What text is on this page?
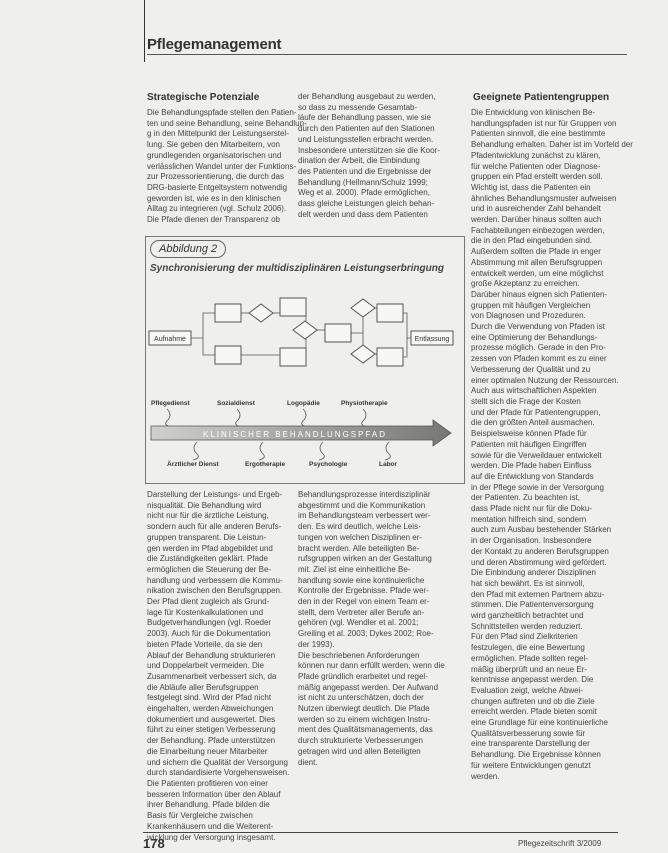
Pflegemanagement
Strategische Potenziale
Die Behandlungspfade stellen den Patien-
ten und seine Behandlung, seine Behandlun-
g in den Mittelpunkt der Leistungserstel-
lung. Sie geben den Mitarbeitern, von
grundlegenden organisatorischen und
verlässlichen Wandel unter der Funktions-
zur Prozessorientierung, die durch das
DRG-basierte Entgeltsystem notwendig
geworden ist, wie es in den klinischen
Alltag zu integrieren (vgl. Schulz 2006).
Die Pfade dienen der Transparenz ob
der Behandlung ausgebaut zu werden,
so dass zu messende Gesamtab-
läufe der Behandlung passen, wie sie
durch den Patienten auf den Stationen
und Leistungsstellen erbracht werden.
Insbesondere unterstützen sie die Koor-
dination der Arbeit, die Einbindung
des Patienten und die Ergebnisse der
Behandlung (Hellmann/Schulz 1999;
Weg et al. 2000). Pfade ermöglichen,
dass gleiche Leistungen gleich behan-
delt werden und dass dem Patienten
Geeignete Patientengruppen
Die Entwicklung von klinischen Be-
handlungspfaden ist nur für Gruppen von
Patienten sinnvoll, die eine bestimmte
Behandlung erhalten. Daher ist im Vorfeld der
Pfadentwicklung zunächst zu klären,
für welche Patienten oder Diagnose-
gruppen ein Pfad erstellt werden soll.
Wichtig ist, dass die Patienten ein
ähnliches Behandlungsmuster aufweisen
und in ausreichender Zahl behandelt
werden. Darüber hinaus sollten auch
Fachabteilungen einbezogen werden,
die in den Pfad eingebunden sind.
Außerdem sollten die Pfade in enger
Abstimmung mit allen Berufsgruppen
entwickelt werden, um eine möglichst
große Akzeptanz zu erreichen.
Darüber hinaus eignen sich Patienten-
gruppen mit häufigen Vergleichen
von Diagnosen und Prozeduren.
Durch die Verwendung von Pfaden ist
eine Optimierung der Behandlungs-
prozesse möglich. Gerade in den Pro-
zessen von Pfaden kommt es zu einer
Verbesserung der Qualität und zu
einer optimalen Nutzung der Ressourcen.
Auch aus wirtschaftlichen Aspekten
stellt sich die Frage der Kosten
und der Pfade für Patientengruppen,
die den größten Anteil ausmachen.
Beispielsweise können Pfade für
Patienten mit häufigen Eingriffen
sowie für die Verweildauer entwickelt
werden. Die Pfade haben Einfluss
auf die Entwicklung von Standards
in der Pflege sowie in der Versorgung
der Patienten. Zu beachten ist,
dass Pfade nicht nur für die Doku-
mentation hilfreich sind, sondern
auch zum Ausbau bestehender Stärken
in der Organisation. Insbesondere
der Kontakt zu anderen Berufsgruppen
und deren Abstimmung wird gefördert.
Die Einbindung anderer Disziplinen
hat sich bewährt. Es ist sinnvoll,
den Pfad mit externen Partnern abzu-
stimmen. Die Patientenversorgung
wird ganzheitlich betrachtet und
Schnittstellen werden reduziert.
Für den Pfad sind Zielkriterien
festzulegen, die eine Bewertung
ermöglichen. Pfade sollten regel-
mäßig überprüft und an neue Er-
kenntnisse angepasst werden. Die
Evaluation zeigt, welche Abwei-
chungen auftreten und ob die Ziele
erreicht werden. Pfade bieten somit
eine Grundlage für eine kontinuierliche
Qualitätsverbesserung sowie für
eine transparente Darstellung der
Behandlung. Die Ergebnisse können
für weitere Entwicklungen genutzt
werden.
Abbildung 2
Synchronisierung der multidisziplinären Leistungserbringung
Aufnahme	Entlassung
Pflegedienst	Sozialdienst	Logopädie	Physiotherapie
KLINISCHER BEHANDLUNGSPFAD
Ärztlicher Dienst	Ergotherapie	Psychologie	Labor
Darstellung der Leistungs- und Ergeb-
nisqualität. Die Behandlung wird
nicht nur für die ärztliche Leistung,
sondern auch für alle anderen Berufs-
gruppen transparent. Die Leistun-
gen werden im Pfad abgebildet und
die Zuständigkeiten geklärt. Pfade
ermöglichen die Steuerung der Be-
handlung und verbessern die Kommu-
nikation zwischen den Berufsgruppen.
Der Pfad dient zugleich als Grund-
lage für Kostenkalkulationen und
Budgetverhandlungen (vgl. Roeder
2003). Auch für die Dokumentation
bieten Pfade Vorteile, da sie den
Ablauf der Behandlung strukturieren
und Doppelarbeit vermeiden. Die
Zusammenarbeit verbessert sich, da
die Abläufe aller Berufsgruppen
festgelegt sind. Wird der Pfad nicht
eingehalten, werden Abweichungen
dokumentiert und ausgewertet. Dies
führt zu einer stetigen Verbesserung
der Behandlung. Pfade unterstützen
die Einarbeitung neuer Mitarbeiter
und sichern die Qualität der Versorgung
durch standardisierte Vorgehensweisen.
Die Patienten profitieren von einer
besseren Information über den Ablauf
ihrer Behandlung. Pfade bilden die
Basis für Vergleiche zwischen
Krankenhäusern und die Weiterent-
wicklung der Versorgung insgesamt.
Behandlungsprozesse interdisziplinär
abgestimmt und die Kommunikation
im Behandlungsteam verbessert wer-
den. Es wird deutlich, welche Leis-
tungen von welchen Disziplinen er-
bracht werden. Alle beteiligten Be-
rufsgruppen wirken an der Gestaltung
mit. Ziel ist eine einheitliche Be-
handlung sowie eine kontinuierliche
Kontrolle der Ergebnisse. Pfade wer-
den in der Regel von einem Team er-
stellt, dem Vertreter aller Berufe an-
gehören (vgl. Wendler et al. 2001;
Greiling et al. 2003; Dykes 2002; Roe-
der 1993).
Die beschriebenen Anforderungen
können nur dann erfüllt werden, wenn die
Pfade gründlich erarbeitet und regel-
mäßig angepasst werden. Der Aufwand
ist nicht zu unterschätzen, doch der
Nutzen überwiegt deutlich. Die Pfade
werden so zu einem wichtigen Instru-
ment des Qualitätsmanagements, das
durch strukturierte Verbesserungen
getragen wird und allen Beteiligten
dient.
178	Pflegezeitschrift 3/2009
